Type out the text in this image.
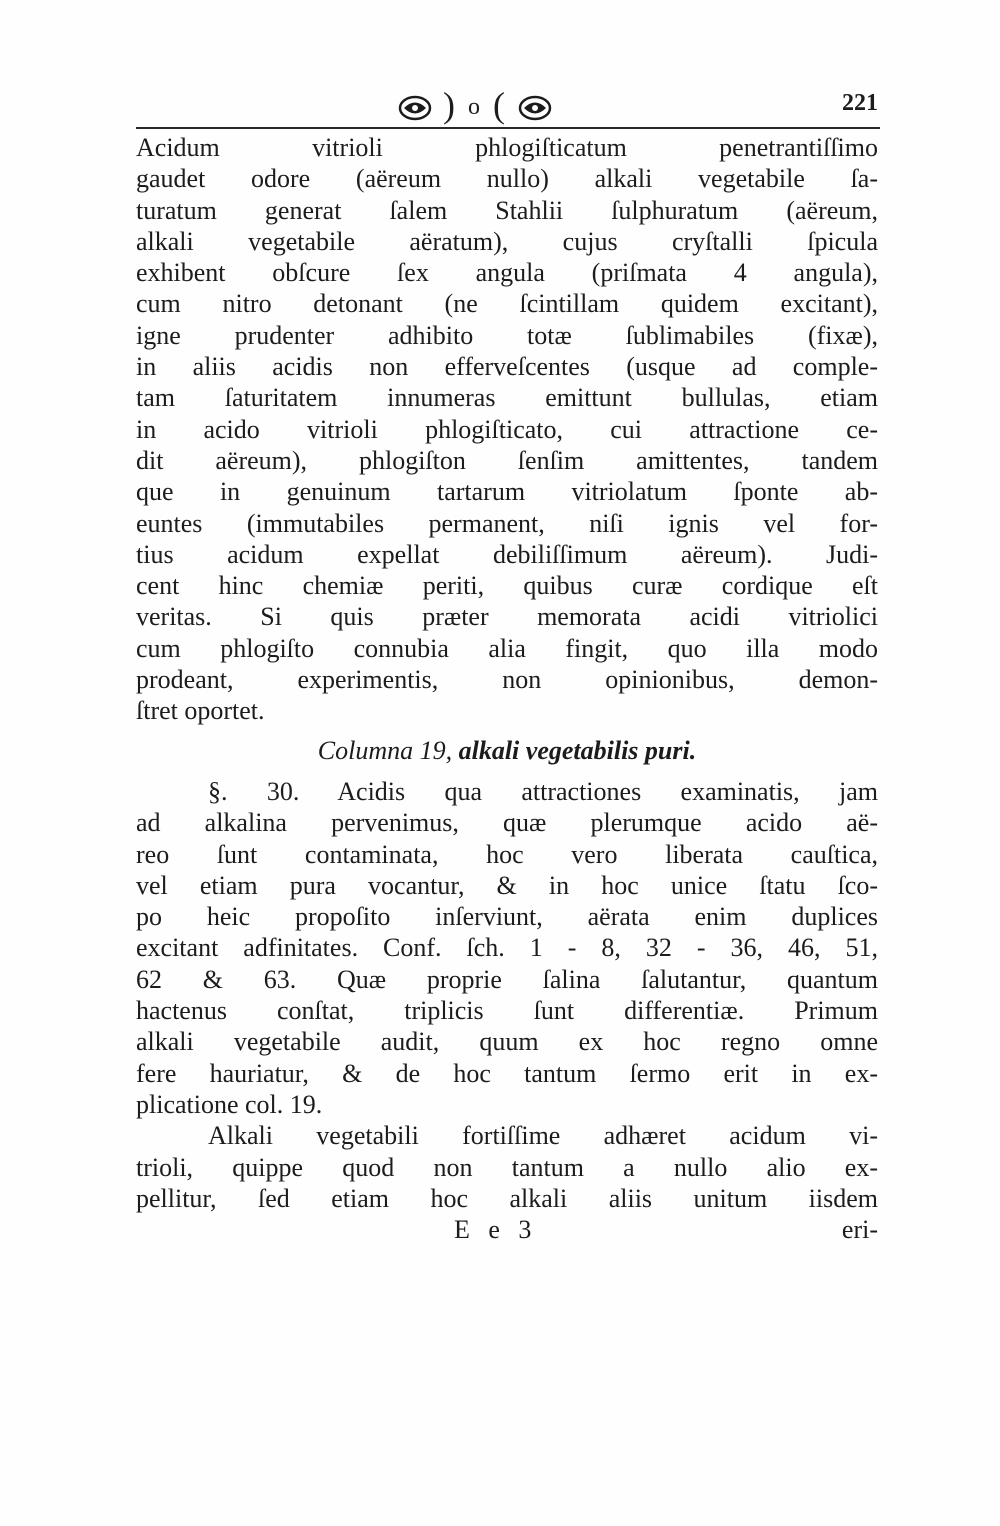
) o (	221
Acidum vitrioli phlogiſticatum penetrantiſſimo
gaudet odore (aëreum nullo) alkali vegetabile ſa-
turatum generat ſalem Stahlii ſulphuratum (aëreum,
alkali vegetabile aëratum), cujus cryſtalli ſpicula
exhibent obſcure ſex angula (priſmata 4 angula),
cum nitro detonant (ne ſcintillam quidem excitant),
igne prudenter adhibito totæ ſublimabiles (fixæ),
in aliis acidis non efferveſcentes (usque ad comple-
tam ſaturitatem innumeras emittunt bullulas, etiam
in acido vitrioli phlogiſticato, cui attractione ce-
dit aëreum), phlogiſton ſenſim amittentes, tandem
que in genuinum tartarum vitriolatum ſponte ab-
euntes (immutabiles permanent, niſi ignis vel for-
tius acidum expellat debiliſſimum aëreum). Judi-
cent hinc chemiæ periti, quibus curæ cordique eſt
veritas. Si quis præter memorata acidi vitriolici
cum phlogiſto connubia alia fingit, quo illa modo
prodeant, experimentis, non opinionibus, demon-
ſtret oportet.
Columna 19, alkali vegetabilis puri.
§. 30. Acidis qua attractiones examinatis, jam
ad alkalina pervenimus, quæ plerumque acido aë-
reo ſunt contaminata, hoc vero liberata cauſtica,
vel etiam pura vocantur, & in hoc unice ſtatu ſco-
po heic propoſito inſerviunt, aërata enim duplices
excitant adfinitates. Conf. ſch. 1 - 8, 32 - 36, 46, 51,
62 & 63. Quæ proprie ſalina ſalutantur, quantum
hactenus conſtat, triplicis ſunt differentiæ. Primum
alkali vegetabile audit, quum ex hoc regno omne
fere hauriatur, & de hoc tantum ſermo erit in ex-
plicatione col. 19.
Alkali vegetabili fortiſſime adhæret acidum vi-
trioli, quippe quod non tantum a nullo alio ex-
pellitur, ſed etiam hoc alkali aliis unitum iisdem
E e 3	eri-
